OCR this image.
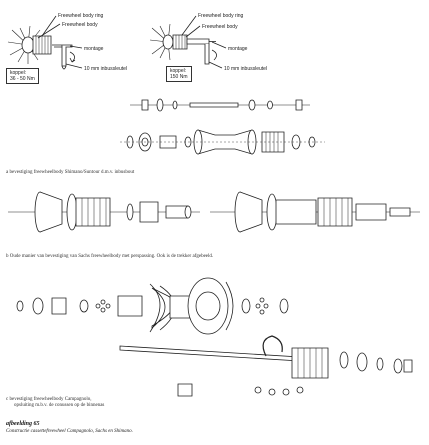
Freewheel body ring
Freewheel body
montage
10 mm inbussleutel
Freewheel body ring
Freewheel body
montage
10 mm inbussleutel
koppel:
36 - 50 Nm
koppel:
150 Nm
a bevestiging freewheelbody Shimano/Suntour d.m.v. inbusbout
b Oude manier van bevestiging van Sachs freewheelbody met perspassing. Ook is de trekker afgebeeld.
c bevestiging freewheelbody Campagnolo,
opsluiting m.b.v. de conussen op de binnenas
afbeelding 65
Constructie cassettefreewheel Campagnolo, Sachs en Shimano.
